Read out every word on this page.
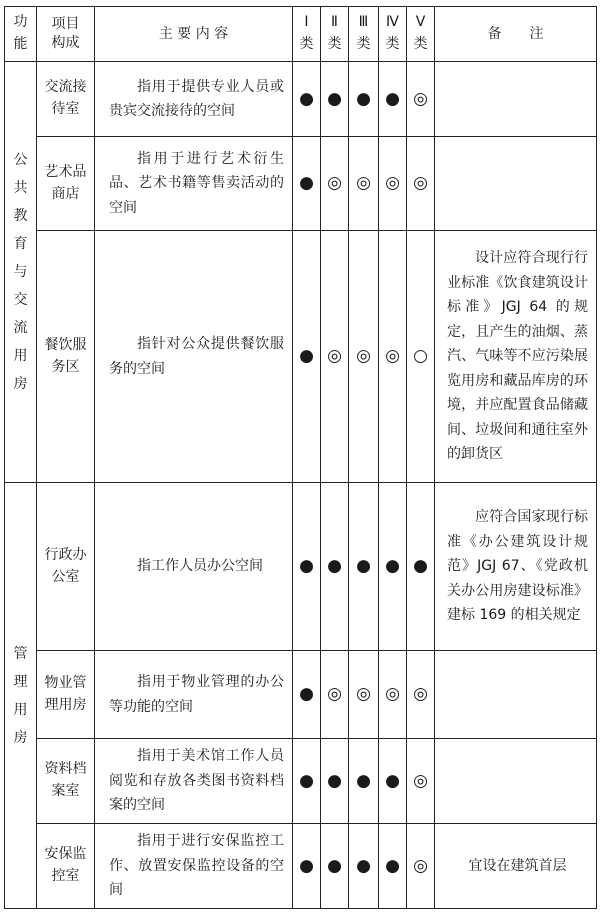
功能	项目构成	主 要 内 容	Ⅰ类	Ⅱ类	Ⅲ类	Ⅳ类	Ⅴ类	备　　注

公共教育与交流用房	交流接待室	指用于提供专业人员或贵宾交流接待的空间	●	●	●	●	◎	
	艺术品商店	指用于进行艺术衍生品、艺术书籍等售卖活动的空间	●	◎	◎	◎	◎	
	餐饮服务区	指针对公众提供餐饮服务的空间	●	◎	◎	◎	○	设计应符合现行行业标准《饮食建筑设计标准》JGJ 64 的规定，且产生的油烟、蒸汽、气味等不应污染展览用房和藏品库房的环境，并应配置食品储藏间、垃圾间和通往室外的卸货区

管理用房	行政办公室	指工作人员办公空间	●	●	●	●	●	应符合国家现行标准《办公建筑设计规范》JGJ 67、《党政机关办公用房建设标准》建标 169 的相关规定
	物业管理用房	指用于物业管理的办公等功能的空间	●	◎	◎	◎	◎	
	资料档案室	指用于美术馆工作人员阅览和存放各类图书资料档案的空间	●	●	●	●	◎	
	安保监控室	指用于进行安保监控工作、放置安保监控设备的空间	●	●	●	●	◎	宜设在建筑首层
